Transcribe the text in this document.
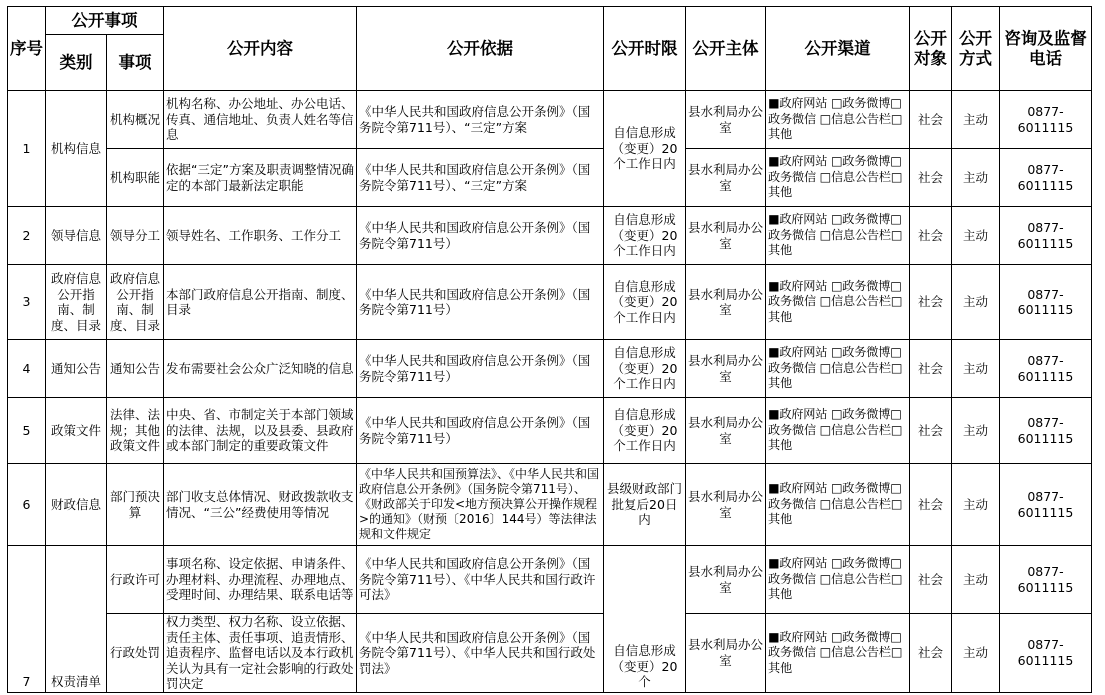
序号	公开事项		公开内容	公开依据	公开时限	公开主体	公开渠道	公开对象	公开方式	咨询及监督电话
	类别	事项								
1	机构信息	机构概况	机构名称、办公地址、办公电话、传真、通信地址、负责人姓名等信息	《中华人民共和国政府信息公开条例》（国务院令第711号）、“三定”方案	自信息形成（变更）20个工作日内	县水利局办公室	■政府网站 □政务微博□政务微信 □信息公告栏□其他	社会	主动	0877-6011115
		机构职能	依据“三定”方案及职责调整情况确定的本部门最新法定职能	《中华人民共和国政府信息公开条例》（国务院令第711号）、“三定”方案		县水利局办公室	■政府网站 □政务微博□政务微信 □信息公告栏□其他	社会	主动	0877-6011115
2	领导信息	领导分工	领导姓名、工作职务、工作分工	《中华人民共和国政府信息公开条例》（国务院令第711号）	自信息形成（变更）20个工作日内	县水利局办公室	■政府网站 □政务微博□政务微信 □信息公告栏□其他	社会	主动	0877-6011115
3	政府信息公开指南、制度、目录	政府信息公开指南、制度、目录	本部门政府信息公开指南、制度、目录	《中华人民共和国政府信息公开条例》（国务院令第711号）	自信息形成（变更）20个工作日内	县水利局办公室	■政府网站 □政务微博□政务微信 □信息公告栏□其他	社会	主动	0877-6011115
4	通知公告	通知公告	发布需要社会公众广泛知晓的信息	《中华人民共和国政府信息公开条例》（国务院令第711号）	自信息形成（变更）20个工作日内	县水利局办公室	■政府网站 □政务微博□政务微信 □信息公告栏□其他	社会	主动	0877-6011115
5	政策文件	法律、法规；其他政策文件	中央、省、市制定关于本部门领域的法律、法规，以及县委、县政府或本部门制定的重要政策文件	《中华人民共和国政府信息公开条例》（国务院令第711号）	自信息形成（变更）20个工作日内	县水利局办公室	■政府网站 □政务微博□政务微信 □信息公告栏□其他	社会	主动	0877-6011115
6	财政信息	部门预决算	部门收支总体情况、财政拨款收支情况、“三公”经费使用等情况	《中华人民共和国预算法》、《中华人民共和国政府信息公开条例》（国务院令第711号）、《财政部关于印发<地方预决算公开操作规程>的通知》（财预〔2016〕144号）等法律法规和文件规定	县级财政部门批复后20日内	县水利局办公室	■政府网站 □政务微博□政务微信 □信息公告栏□其他	社会	主动	0877-6011115
7	权责清单	行政许可	事项名称、设定依据、申请条件、办理材料、办理流程、办理地点、受理时间、办理结果、联系电话等	《中华人民共和国政府信息公开条例》（国务院令第711号）、《中华人民共和国行政许可法》	自信息形成（变更）20个	县水利局办公室	■政府网站 □政务微博□政务微信 □信息公告栏□其他	社会	主动	0877-6011115
		行政处罚	权力类型、权力名称、设立依据、责任主体、责任事项、追责情形、追责程序、监督电话以及本行政机关认为具有一定社会影响的行政处罚决定	《中华人民共和国政府信息公开条例》（国务院令第711号）、《中华人民共和国行政处罚法》		县水利局办公室	■政府网站 □政务微博□政务微信 □信息公告栏□其他	社会	主动	0877-6011115
